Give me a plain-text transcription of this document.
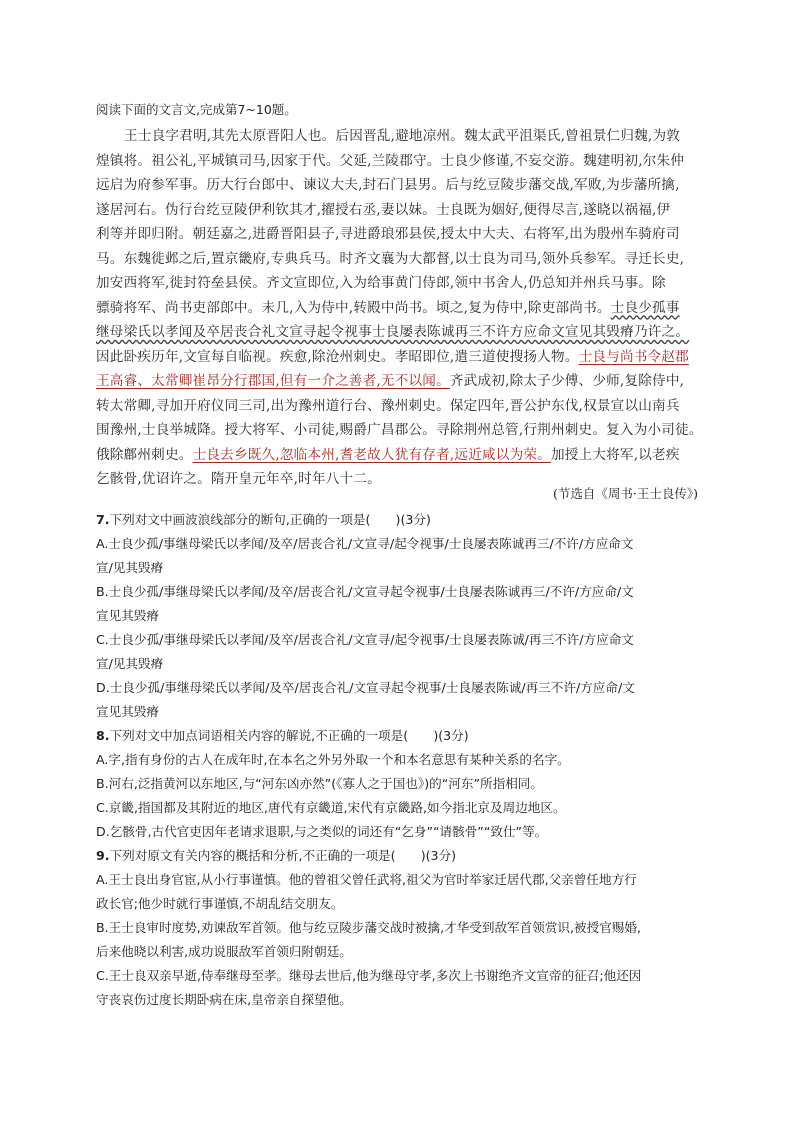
阅读下面的文言文,完成第7~10题。
王士良字君明,其先太原晋阳人也。后因晋乱,避地凉州。魏太武平沮渠氏,曾祖景仁归魏,为敦
煌镇将。祖公礼,平城镇司马,因家于代。父延,兰陵郡守。士良少修谨,不妄交游。魏建明初,尔朱仲
远启为府参军事。历大行台郎中、谏议大夫,封石门县男。后与纥豆陵步藩交战,军败,为步藩所擒,
遂居河右。伪行台纥豆陵伊利钦其才,擢授右丞,妻以妹。士良既为姻好,便得尽言,遂晓以祸福,伊
利等并即归附。朝廷嘉之,进爵晋阳县子,寻进爵琅邪县侯,授太中大夫、右将军,出为殷州车骑府司
马。东魏徙邺之后,置京畿府,专典兵马。时齐文襄为大都督,以士良为司马,领外兵参军。寻迁长史,
加安西将军,徙封符垒县侯。齐文宣即位,入为给事黄门侍郎,领中书舍人,仍总知并州兵马事。除
骠骑将军、尚书吏部郎中。未几,入为侍中,转殿中尚书。顷之,复为侍中,除吏部尚书。士良少孤事
继母梁氏以孝闻及卒居丧合礼文宣寻起令视事士良屡表陈诚再三不许方应命文宣见其毁瘠乃许之。
因此卧疾历年,文宣每自临视。疾愈,除沧州刺史。孝昭即位,遣三道使搜扬人物。士良与尚书令赵郡
王高睿、太常卿崔昂分行郡国,但有一介之善者,无不以闻。齐武成初,除太子少傅、少师,复除侍中,
转太常卿,寻加开府仪同三司,出为豫州道行台、豫州刺史。保定四年,晋公护东伐,权景宣以山南兵
围豫州,士良举城降。授大将军、小司徒,赐爵广昌郡公。寻除荆州总管,行荆州刺史。复入为小司徒。
俄除鄜州刺史。士良去乡既久,忽临本州,耆老故人犹有存者,远近咸以为荣。加授上大将军,以老疾
乞骸骨,优诏许之。隋开皇元年卒,时年八十二。
(节选自《周书·王士良传》)
7.下列对文中画波浪线部分的断句,正确的一项是(　　)(3分)
A.士良少孤/事继母梁氏以孝闻/及卒/居丧合礼/文宣寻/起令视事/士良屡表陈诚再三/不许/方应命文
宣/见其毁瘠
B.士良少孤/事继母梁氏以孝闻/及卒/居丧合礼/文宣寻起令视事/士良屡表陈诚再三/不许/方应命/文
宣见其毁瘠
C.士良少孤/事继母梁氏以孝闻/及卒/居丧合礼/文宣寻/起令视事/士良屡表陈诚/再三不许/方应命文
宣/见其毁瘠
D.士良少孤/事继母梁氏以孝闻/及卒/居丧合礼/文宣寻起令视事/士良屡表陈诚/再三不许/方应命/文
宣见其毁瘠
8.下列对文中加点词语相关内容的解说,不正确的一项是(　　)(3分)
A.字,指有身份的古人在成年时,在本名之外另外取一个和本名意思有某种关系的名字。
B.河右,泛指黄河以东地区,与“河东凶亦然”(《寡人之于国也》)的“河东”所指相同。
C.京畿,指国都及其附近的地区,唐代有京畿道,宋代有京畿路,如今指北京及周边地区。
D.乞骸骨,古代官吏因年老请求退职,与之类似的词还有“乞身”“请骸骨”“致仕”等。
9.下列对原文有关内容的概括和分析,不正确的一项是(　　)(3分)
A.王士良出身官宦,从小行事谨慎。他的曾祖父曾任武将,祖父为官时举家迁居代郡,父亲曾任地方行
政长官;他少时就行事谨慎,不胡乱结交朋友。
B.王士良审时度势,劝谏敌军首领。他与纥豆陵步藩交战时被擒,才华受到敌军首领赏识,被授官赐婚,
后来他晓以利害,成功说服敌军首领归附朝廷。
C.王士良双亲早逝,侍奉继母至孝。继母去世后,他为继母守孝,多次上书谢绝齐文宣帝的征召;他还因
守丧哀伤过度长期卧病在床,皇帝亲自探望他。
